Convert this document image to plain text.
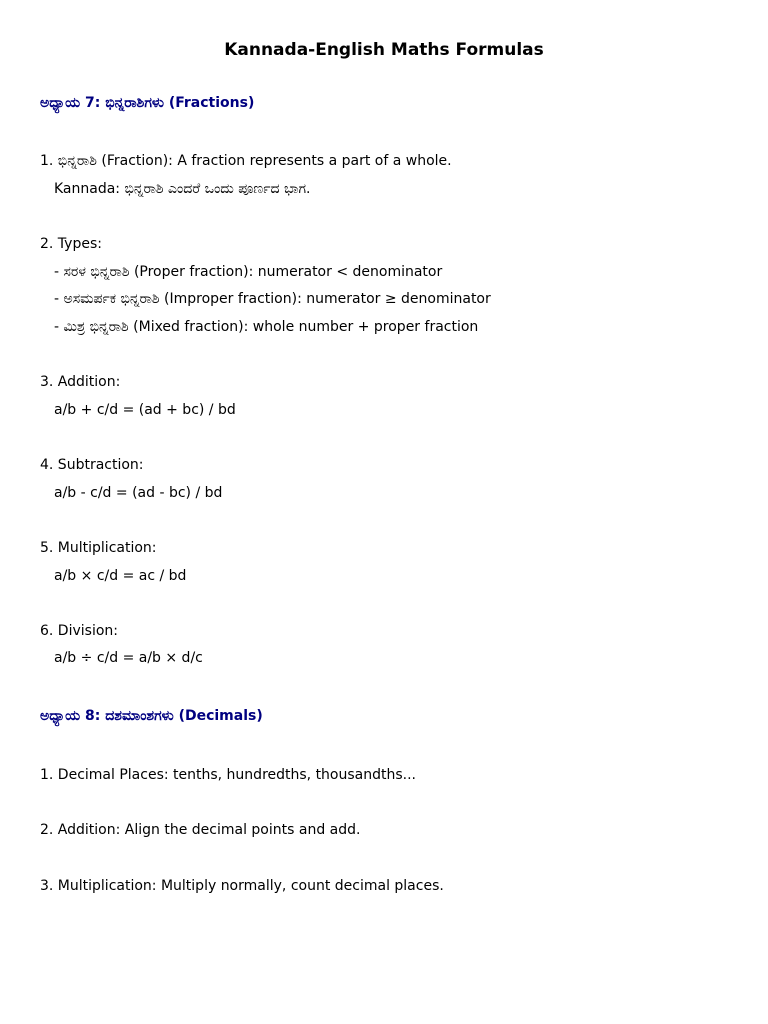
Kannada-English Maths Formulas
ಅಧ್ಯಾಯ 7: ಭಿನ್ನರಾಶಿಗಳು (Fractions)
1. ಭಿನ್ನರಾಶಿ (Fraction): A fraction represents a part of a whole.
Kannada: ಭಿನ್ನರಾಶಿ ಎಂದರೆ ಒಂದು ಪೂರ್ಣದ ಭಾಗ.
2. Types:
- ಸರಳ ಭಿನ್ನರಾಶಿ (Proper fraction): numerator < denominator
- ಅಸಮರ್ಪಕ ಭಿನ್ನರಾಶಿ (Improper fraction): numerator ≥ denominator
- ಮಿಶ್ರ ಭಿನ್ನರಾಶಿ (Mixed fraction): whole number + proper fraction
3. Addition:
a/b + c/d = (ad + bc) / bd
4. Subtraction:
a/b - c/d = (ad - bc) / bd
5. Multiplication:
a/b × c/d = ac / bd
6. Division:
a/b ÷ c/d = a/b × d/c
ಅಧ್ಯಾಯ 8: ದಶಮಾಂಶಗಳು (Decimals)
1. Decimal Places: tenths, hundredths, thousandths...
2. Addition: Align the decimal points and add.
3. Multiplication: Multiply normally, count decimal places.
